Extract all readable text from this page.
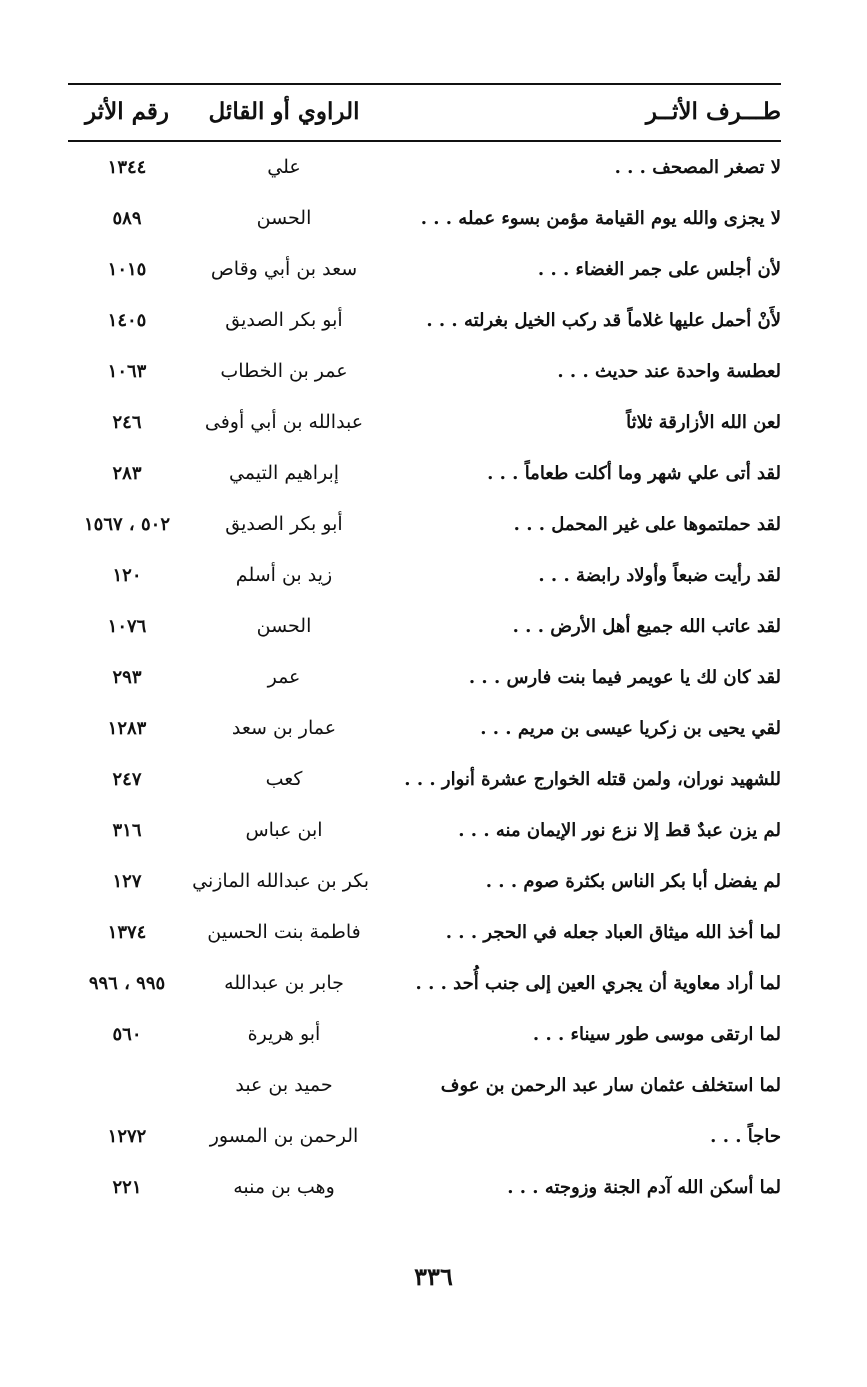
طـــرف الأثــر
الراوي أو القائل
رقم الأثر
لا تصغر المصحف . . .
علي
١٣٤٤
لا يجزى والله يوم القيامة مؤمن بسوء عمله . . .
الحسن
٥٨٩
لأن أجلس على جمر الغضاء . . .
سعد بن أبي وقاص
١٠١٥
لأَنْ أحمل عليها غلاماً قد ركب الخيل بغرلته . . .
أبو بكر الصديق
١٤٠٥
لعطسة واحدة عند حديث . . .
عمر بن الخطاب
١٠٦٣
لعن الله الأزارقة ثلاثاً
عبدالله بن أبي أوفى
٢٤٦
لقد أتى علي شهر وما أكلت طعاماً . . .
إبراهيم التيمي
٢٨٣
لقد حملتموها على غير المحمل . . .
أبو بكر الصديق
٥٠٢ ، ١٥٦٧
لقد رأيت ضبعاً وأولاد رابضة . . .
زيد بن أسلم
١٢٠
لقد عاتب الله جميع أهل الأرض . . .
الحسن
١٠٧٦
لقد كان لك يا عويمر فيما بنت فارس . . .
عمر
٢٩٣
لقي يحيى بن زكريا عيسى بن مريم . . .
عمار بن سعد
١٢٨٣
للشهيد نوران، ولمن قتله الخوارج عشرة أنوار . . .
كعب
٢٤٧
لم يزن عبدٌ قط إلا نزع نور الإيمان منه . . .
ابن عباس
٣١٦
لم يفضل أبا بكر الناس بكثرة صوم . . .
بكر بن عبدالله المازني
١٢٧
لما أخذ الله ميثاق العباد جعله في الحجر . . .
فاطمة بنت الحسين
١٣٧٤
لما أراد معاوية أن يجري العين إلى جنب أُحد . . .
جابر بن عبدالله
٩٩٥ ، ٩٩٦
لما ارتقى موسى طور سيناء . . .
أبو هريرة
٥٦٠
لما استخلف عثمان سار عبد الرحمن بن عوف
حميد بن عبد
حاجاً . . .
الرحمن بن المسور
١٢٧٢
لما أسكن الله آدم الجنة وزوجته . . .
وهب بن منبه
٢٢١
٣٣٦
